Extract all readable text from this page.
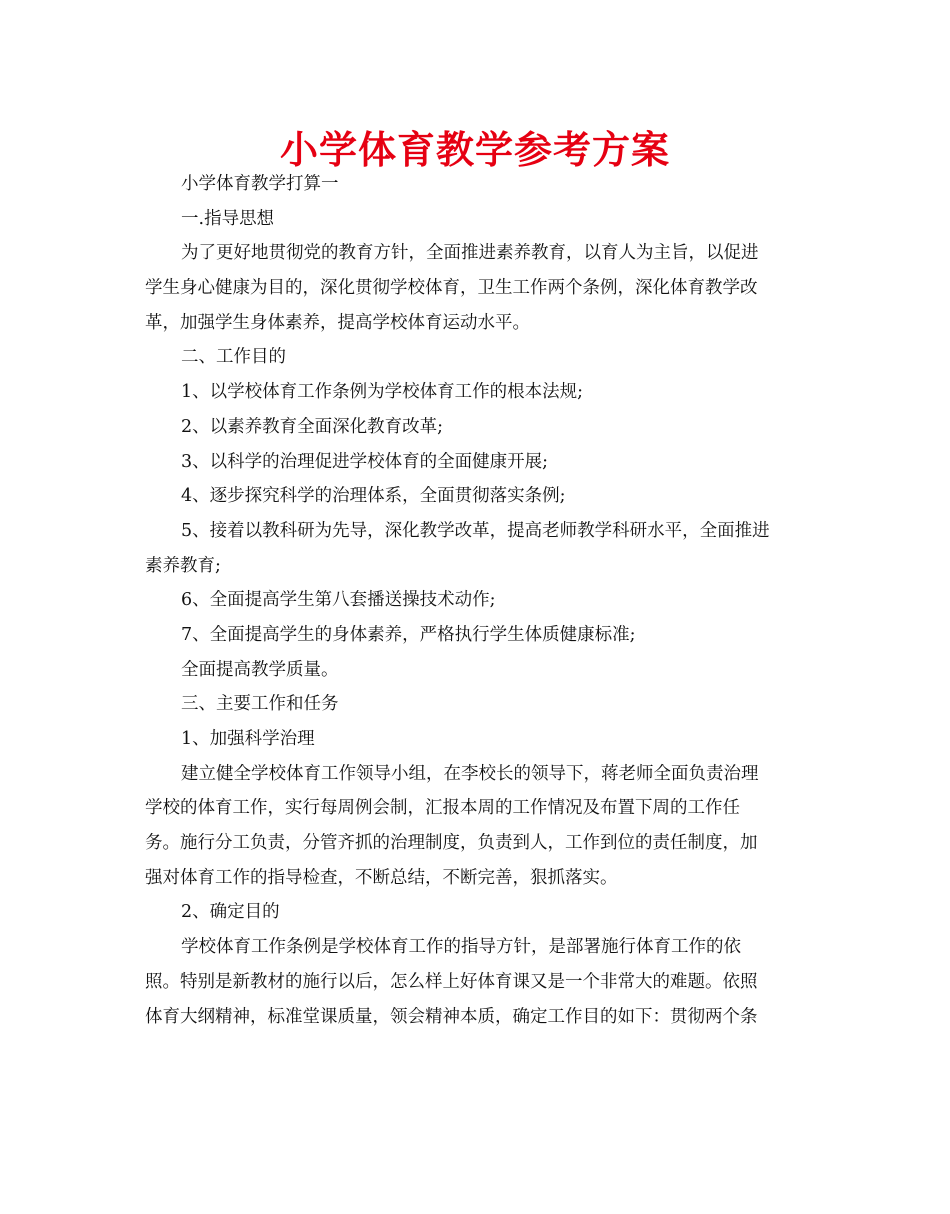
小学体育教学参考方案

小学体育教学打算一

一.指导思想

为了更好地贯彻党的教育方针，全面推进素养教育，以育人为主旨，以促进

学生身心健康为目的，深化贯彻学校体育，卫生工作两个条例，深化体育教学改

革，加强学生身体素养，提高学校体育运动水平。

二、工作目的

1、以学校体育工作条例为学校体育工作的根本法规;

2、以素养教育全面深化教育改革;

3、以科学的治理促进学校体育的全面健康开展;

4、逐步探究科学的治理体系，全面贯彻落实条例;

5、接着以教科研为先导，深化教学改革，提高老师教学科研水平，全面推进

素养教育;

6、全面提高学生第八套播送操技术动作;

7、全面提高学生的身体素养，严格执行学生体质健康标准;

全面提高教学质量。

三、主要工作和任务

1、加强科学治理

建立健全学校体育工作领导小组，在李校长的领导下，蒋老师全面负责治理

学校的体育工作，实行每周例会制，汇报本周的工作情况及布置下周的工作任

务。施行分工负责，分管齐抓的治理制度，负责到人，工作到位的责任制度，加

强对体育工作的指导检查，不断总结，不断完善，狠抓落实。

2、确定目的

学校体育工作条例是学校体育工作的指导方针，是部署施行体育工作的依

照。特别是新教材的施行以后，怎么样上好体育课又是一个非常大的难题。依照

体育大纲精神，标准堂课质量，领会精神本质，确定工作目的如下：贯彻两个条
